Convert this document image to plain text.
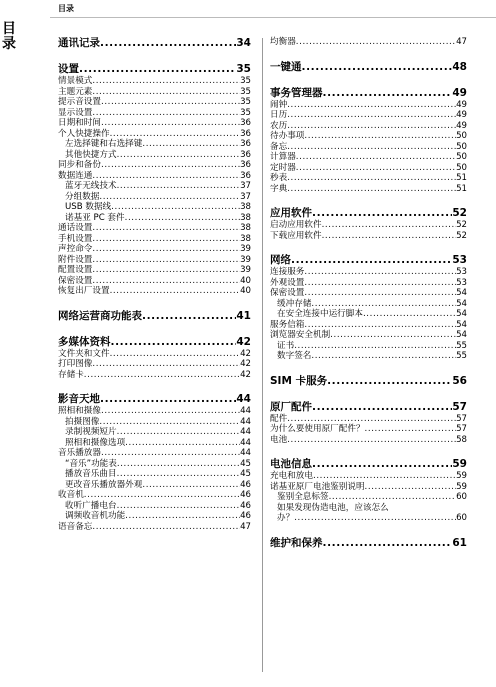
目录
目录	通讯记录 .....	34
设置 .....	35
情景模式 .....	35
主题元素 .....	35
提示音设置 .....	35
显示设置 .....	35
日期和时间 .....	36
个人快捷操作 .....	36
左选择键和右选择键 .....	36
其他快捷方式 .....	36
同步和备份 .....	36
数据连通 .....	36
蓝牙无线技术 .....	37
分组数据 .....	37
USB 数据线 .....	38
诺基亚 PC 套件 .....	38
通话设置 .....	38
手机设置 .....	38
声控命令 .....	39
附件设置 .....	39
配置设置 .....	39
保密设置 .....	40
恢复出厂设置 .....	40
网络运营商功能表 .....	41
多媒体资料 .....	42
文件夹和文件 .....	42
打印图像 .....	42
存储卡 .....	42
影音天地 .....	44
照相和摄像 .....	44
拍摄图像 .....	44
录制视频短片 .....	44
照相和摄像选项 .....	44
音乐播放器 .....	44
“音乐”功能表 .....	45
播放音乐曲目 .....	45
更改音乐播放器外观 .....	46
收音机 .....	46
收听广播电台 .....	46
调频收音机功能 .....	46
语音备忘 .....	47
均衡器 .....	47
一键通 .....	48
事务管理器 .....	49
闹钟 .....	49
日历 .....	49
农历 .....	49
待办事项 .....	50
备忘 .....	50
计算器 .....	50
定时器 .....	50
秒表 .....	51
字典 .....	51
应用软件 .....	52
启动应用软件 .....	52
下载应用软件 .....	52
网络 .....	53
连接服务 .....	53
外观设置 .....	53
保密设置 .....	54
缓冲存储 .....	54
在安全连接中运行脚本 .....	54
服务信箱 .....	54
浏览器安全机制 .....	54
证书 .....	55
数字签名 .....	55
SIM 卡服务 .....	56
原厂配件 .....	57
配件 .....	57
为什么要使用原厂配件？ .....	57
电池 .....	58
电池信息 .....	59
充电和放电 .....	59
诺基亚原厂电池鉴别说明 .....	59
鉴别全息标签 .....	60
如果发现伪造电池，应该怎么
办？ .....	60
维护和保养 .....	61
